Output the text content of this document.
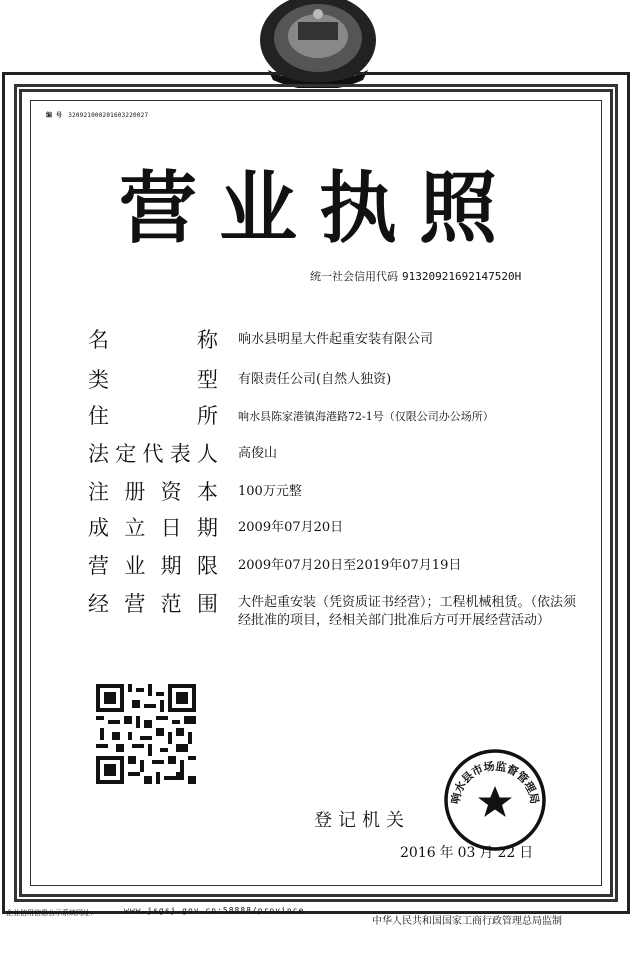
编 号 320921000201603220027
营业执照
统一社会信用代码 91320921692147520H
名	称 响水县明星大件起重安装有限公司
类	型 有限责任公司(自然人独资)
住	所 响水县陈家港镇海港路72-1号（仅限公司办公场所）
法 定 代 表 人 高俊山
注 册 资 本 100万元整
成 立 日 期 2009年07月20日
营 业 期 限 2009年07月20日至2019年07月19日
经 营 范 围 大件起重安装（凭资质证书经营）；工程机械租赁。（依法须经批准的项目，经相关部门批准后方可开展经营活动）
登记机关
2016 年 03 月 22 日
响水县市场监督管理局
企业信用信息公示系统网址：	www.jsgsj.gov.cn:58888/province
中华人民共和国国家工商行政管理总局监制
